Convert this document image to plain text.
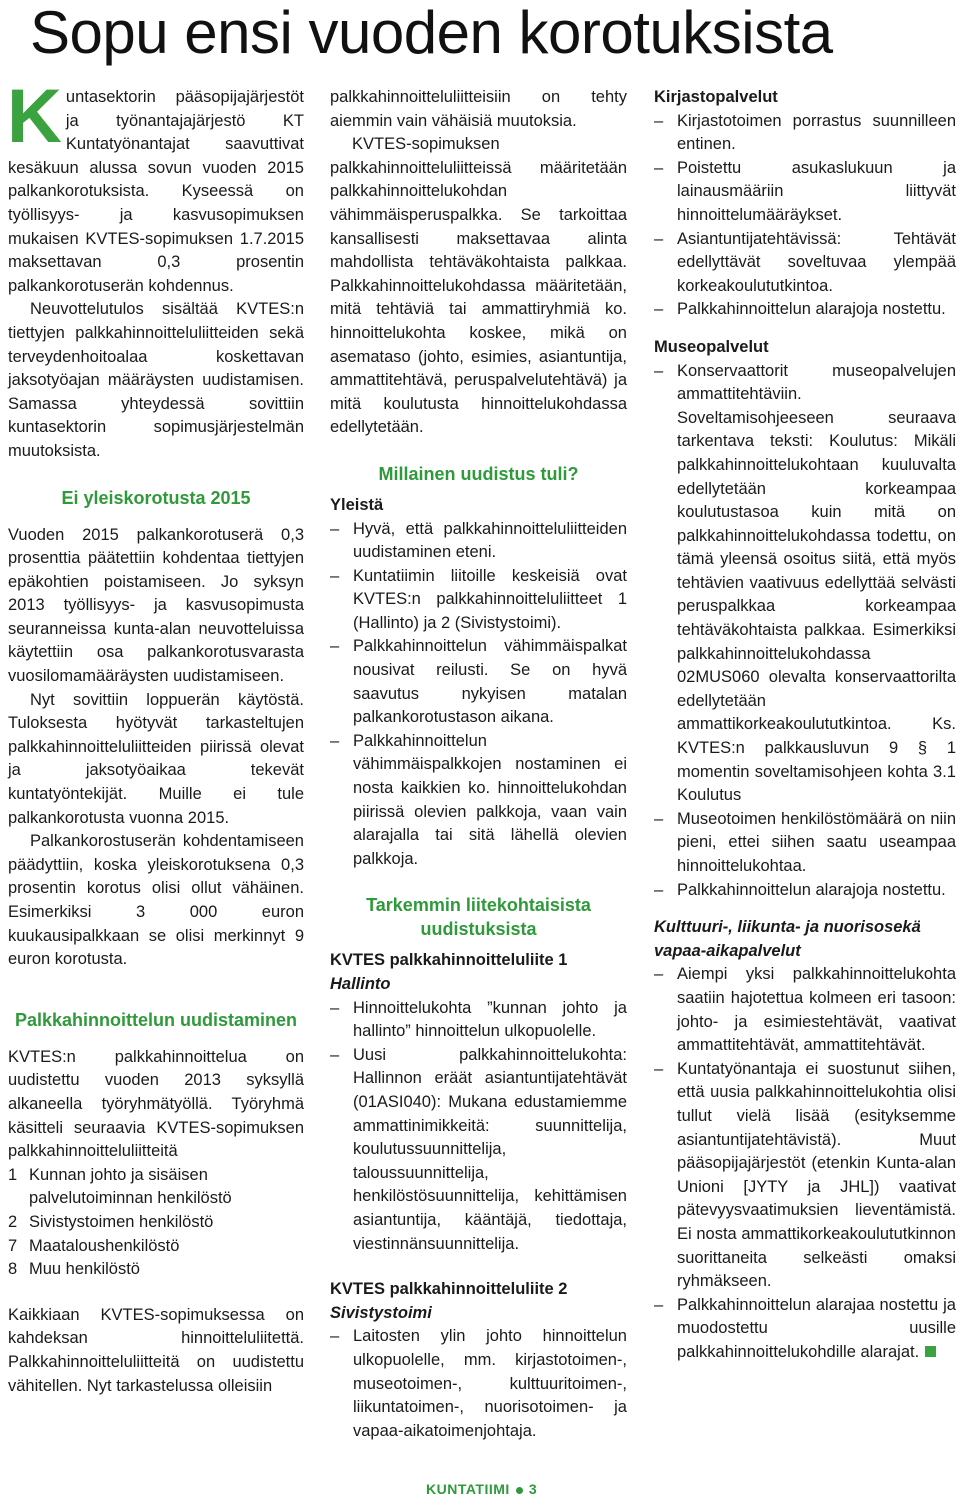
Sopu ensi vuoden korotuksista

Kuntasektorin pääsopijajärjestöt ja työnantajajärjestö KT Kuntatyönantajat saavuttivat kesäkuun alussa sovun vuoden 2015 palkankorotuksista. Kyseessä on työllisyys- ja kasvusopimuksen mukaisen KVTES-sopimuksen 1.7.2015 maksettavan 0,3 prosentin palkankorotuserän kohdennus.

Neuvottelutulos sisältää KVTES:n tiettyjen palkkahinnoitteluliitteiden sekä terveydenhoitoalaa koskettavan jaksotyöajan määräysten uudistamisen. Samassa yhteydessä sovittiin kuntasektorin sopimusjärjestelmän muutoksista.

Ei yleiskorotusta 2015

Vuoden 2015 palkankorotuserä 0,3 prosenttia päätettiin kohdentaa tiettyjen epäkohtien poistamiseen. Jo syksyn 2013 työllisyys- ja kasvusopimusta seuranneissa kunta-alan neuvotteluissa käytettiin osa palkankorotusvarasta vuosilomamääräysten uudistamiseen.

Nyt sovittiin loppuerän käytöstä. Tuloksesta hyötyvät tarkasteltujen palkkahinnoitteluliitteiden piirissä olevat ja jaksotyöaikaa tekevät kuntatyöntekijät. Muille ei tule palkankorotusta vuonna 2015.

Palkankorostuserän kohdentamiseen päädyttiin, koska yleiskorotuksena 0,3 prosentin korotus olisi ollut vähäinen. Esimerkiksi 3 000 euron kuukausipalkkaan se olisi merkinnyt 9 euron korotusta.

Palkkahinnoittelun uudistaminen

KVTES:n palkkahinnoittelua on uudistettu vuoden 2013 syksyllä alkaneella työryhmätyöllä. Työryhmä käsitteli seuraavia KVTES-sopimuksen palkkahinnoitteluliitteitä

1 Kunnan johto ja sisäisen palvelutoiminnan henkilöstö
2 Sivistystoimen henkilöstö
7 Maataloushenkilöstö
8 Muu henkilöstö

Kaikkiaan KVTES-sopimuksessa on kahdeksan hinnoitteluliitettä. Palkkahinnoitteluliitteitä on uudistettu vähitellen. Nyt tarkastelussa olleisiin

palkkahinnoitteluliitteisiin on tehty aiemmin vain vähäisiä muutoksia.

KVTES-sopimuksen palkkahinnoitteluliitteissä määritetään palkkahinnoittelukohdan vähimmäisperuspalkka. Se tarkoittaa kansallisesti maksettavaa alinta mahdollista tehtäväkohtaista palkkaa. Palkkahinnoittelukohdassa määritetään, mitä tehtäviä tai ammattiryhmiä ko. hinnoittelukohta koskee, mikä on asemataso (johto, esimies, asiantuntija, ammattitehtävä, peruspalvelutehtävä) ja mitä koulutusta hinnoittelukohdassa edellytetään.

Millainen uudistus tuli?
Yleistä
– Hyvä, että palkkahinnoitteluliitteiden uudistaminen eteni.
– Kuntatiimin liitoille keskeisiä ovat KVTES:n palkkahinnoitteluliitteet 1 (Hallinto) ja 2 (Sivistystoimi).
– Palkkahinnoittelun vähimmäispalkat nousivat reilusti. Se on hyvä saavutus nykyisen matalan palkankorotustason aikana.
– Palkkahinnoittelun vähimmäispalkkojen nostaminen ei nosta kaikkien ko. hinnoittelukohdan piirissä olevien palkkoja, vaan vain alarajalla tai sitä lähellä olevien palkkoja.
Tarkemmin liitekohtaisista uudistuksista
KVTES palkkahinnoitteluliite 1
Hallinto
– Hinnoittelukohta ”kunnan johto ja hallinto” hinnoittelun ulkopuolelle.
– Uusi palkkahinnoittelukohta: Hallinnon eräät asiantuntijatehtävät (01ASI040): Mukana edustamiemme ammattinimikkeitä: suunnittelija, koulutussuunnittelija, taloussuunnittelija, henkilöstösuunnittelija, kehittämisen asiantuntija, kääntäjä, tiedottaja, viestinnänsuunnittelija.
KVTES palkkahinnoitteluliite 2
Sivistystoimi
– Laitosten ylin johto hinnoittelun ulkopuolelle, mm. kirjastotoimen-, museotoimen-, kulttuuritoimen-, liikuntatoimen-, nuorisotoimen- ja vapaa-aikatoimenjohtaja.
Kirjastopalvelut
– Kirjastotoimen porrastus suunnilleen entinen.
– Poistettu asukaslukuun ja lainausmääriin liittyvät hinnoittelumääräykset.
– Asiantuntijatehtävissä: Tehtävät edellyttävät soveltuvaa ylempää korkeakoulututkintoa.
– Palkkahinnoittelun alarajoja nostettu.
Museopalvelut
– Konservaattorit museopalvelujen ammattitehtäviin. Soveltamisohjeeseen seuraava tarkentava teksti: Koulutus: Mikäli palkkahinnoittelukohtaan kuuluvalta edellytetään korkeampaa koulutustasoa kuin mitä on palkkahinnoittelukohdassa todettu, on tämä yleensä osoitus siitä, että myös tehtävien vaativuus edellyttää selvästi peruspalkkaa korkeampaa tehtäväkohtaista palkkaa. Esimerkiksi palkkahinnoittelukohdassa 02MUS060 olevalta konservaattorilta edellytetään ammattikorkeakoulututkintoa. Ks. KVTES:n palkkausluvun 9 § 1 momentin soveltamisohjeen kohta 3.1 Koulutus
– Museotoimen henkilöstömäärä on niin pieni, ettei siihen saatu useampaa hinnoittelukohtaa.
– Palkkahinnoittelun alarajoja nostettu.
Kulttuuri-, liikunta- ja nuorisosekä vapaa-aikapalvelut
– Aiempi yksi palkkahinnoittelukohta saatiin hajotettua kolmeen eri tasoon: johto- ja esimiestehtävät, vaativat ammattitehtävät, ammattitehtävät.
– Kuntatyönantaja ei suostunut siihen, että uusia palkkahinnoittelukohtia olisi tullut vielä lisää (esityksemme asiantuntijatehtävistä). Muut pääsopijajärjestöt (etenkin Kunta-alan Unioni [JYTY ja JHL]) vaativat pätevyysvaatimuksien lieventämistä. Ei nosta ammattikorkeakoulututkinnon suorittaneita selkeästi omaksi ryhmäkseen.
– Palkkahinnoittelun alarajaa nostettu ja muodostettu uusille palkkahinnoittelukohdille alarajat.
KUNTATIIMI 3
